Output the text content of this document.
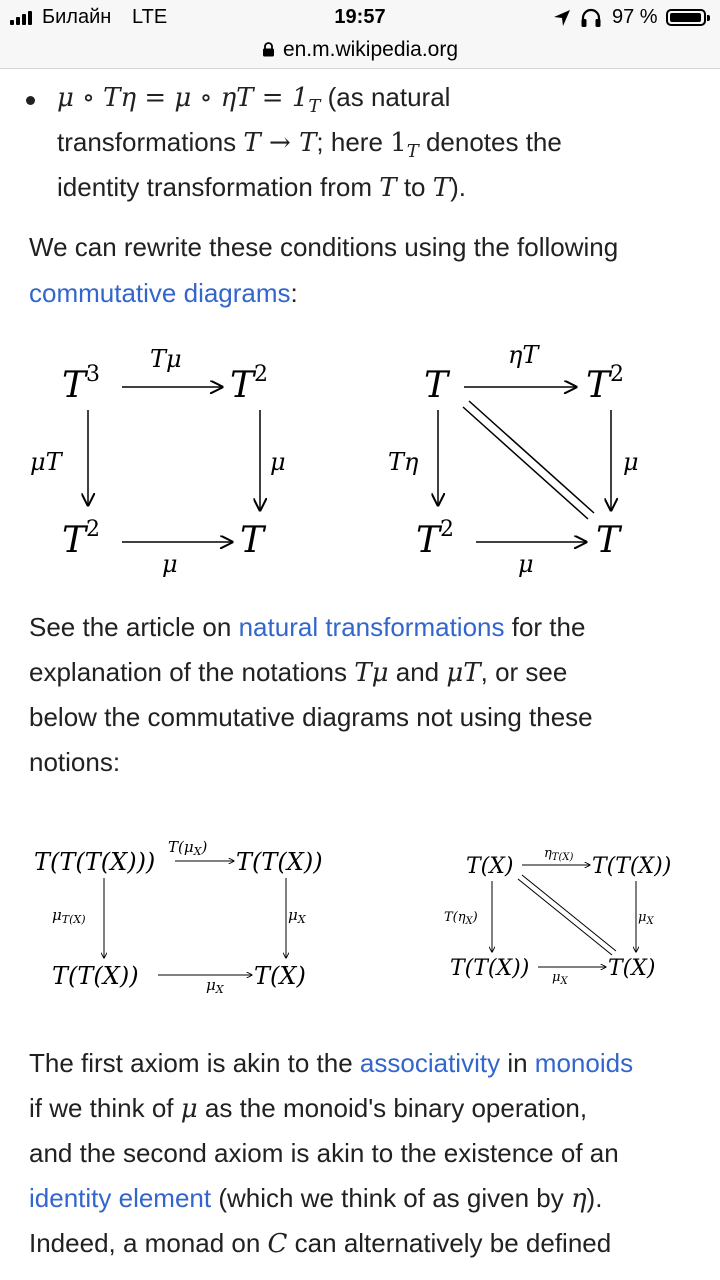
Билайн LTE	19:57	97 %
en.m.wikipedia.org
μ ∘ Tη = μ ∘ $\eta T = 1_T$ (as natural
transformations T → T; here $1_T$ denotes the
identity transformation from T to T).
We can rewrite these conditions using the following
commutative diagrams:
$T^3$	$T^2$
$T^2$	T
Tμ
μ
μT	μ
T	$T^2$
$T^2$	T
ηT
μ
Tη	μ
See the article on natural transformations for the
explanation of the notations Tμ and μT, or see
below the commutative diagrams not using these
notions:
T(T(T(X)))	T(T(X))
T(T(X))	T(X)
$T(\mu_X)$
$\mu_X$
$\mu_{T(X)}$	$\mu_X$
T(X)	T(T(X))
T(T(X))	T(X)
$\eta_{T(X)}$
$\mu_X$
$T(\eta_X)$	$\mu_X$
The first axiom is akin to the associativity in monoids
if we think of μ as the monoid's binary operation,
and the second axiom is akin to the existence of an
identity element (which we think of as given by η).
Indeed, a monad on C can alternatively be defined
